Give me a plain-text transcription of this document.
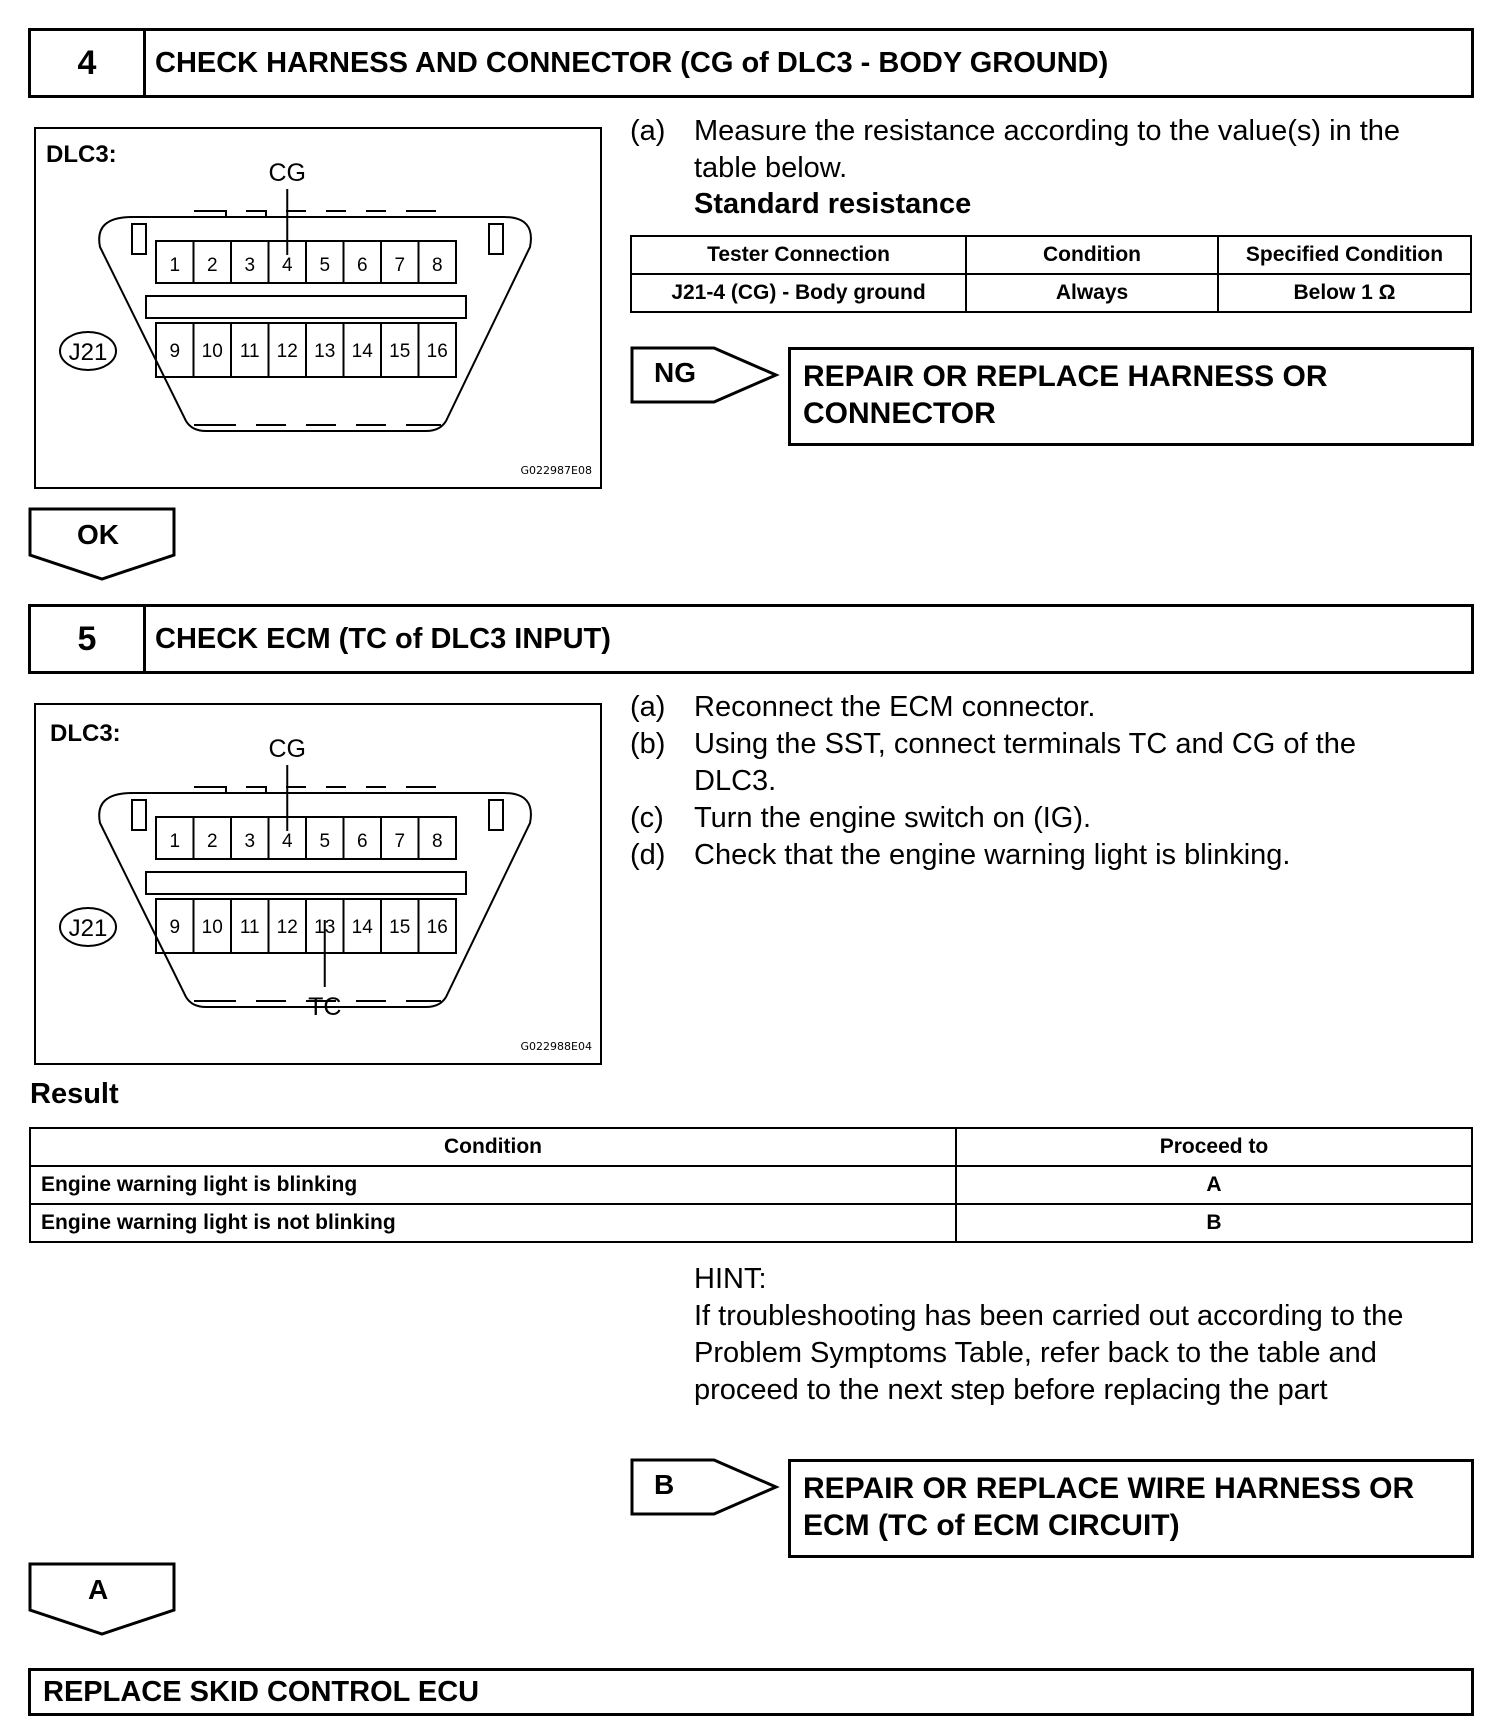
4	CHECK HARNESS AND CONNECTOR (CG of DLC3 - BODY GROUND)
1 2 3 4 5 6 7 8
9 10 11 12 13 14 15 16
CG
J21
DLC3:
G022987E08
(a) Measure the resistance according to the value(s) in the
table below.
Standard resistance
Tester Connection	Condition	Specified Condition
J21-4 (CG) - Body ground	Always	Below 1 Ω
NG	REPAIR OR REPLACE HARNESS OR
CONNECTOR
OK
5	CHECK ECM (TC of DLC3 INPUT)
1 2 3 4 5 6 7 8
9 10 11 12 13 14 15 16
CG
J21
TC
DLC3:
G022988E04
(a) Reconnect the ECM connector.
(b) Using the SST, connect terminals TC and CG of the
DLC3.
(c) Turn the engine switch on (IG).
(d) Check that the engine warning light is blinking.
Result
Condition	Proceed to
Engine warning light is blinking	A
Engine warning light is not blinking	B
HINT:
If troubleshooting has been carried out according to the
Problem Symptoms Table, refer back to the table and
proceed to the next step before replacing the part
B	REPAIR OR REPLACE WIRE HARNESS OR
ECM (TC of ECM CIRCUIT)
A
REPLACE SKID CONTROL ECU
